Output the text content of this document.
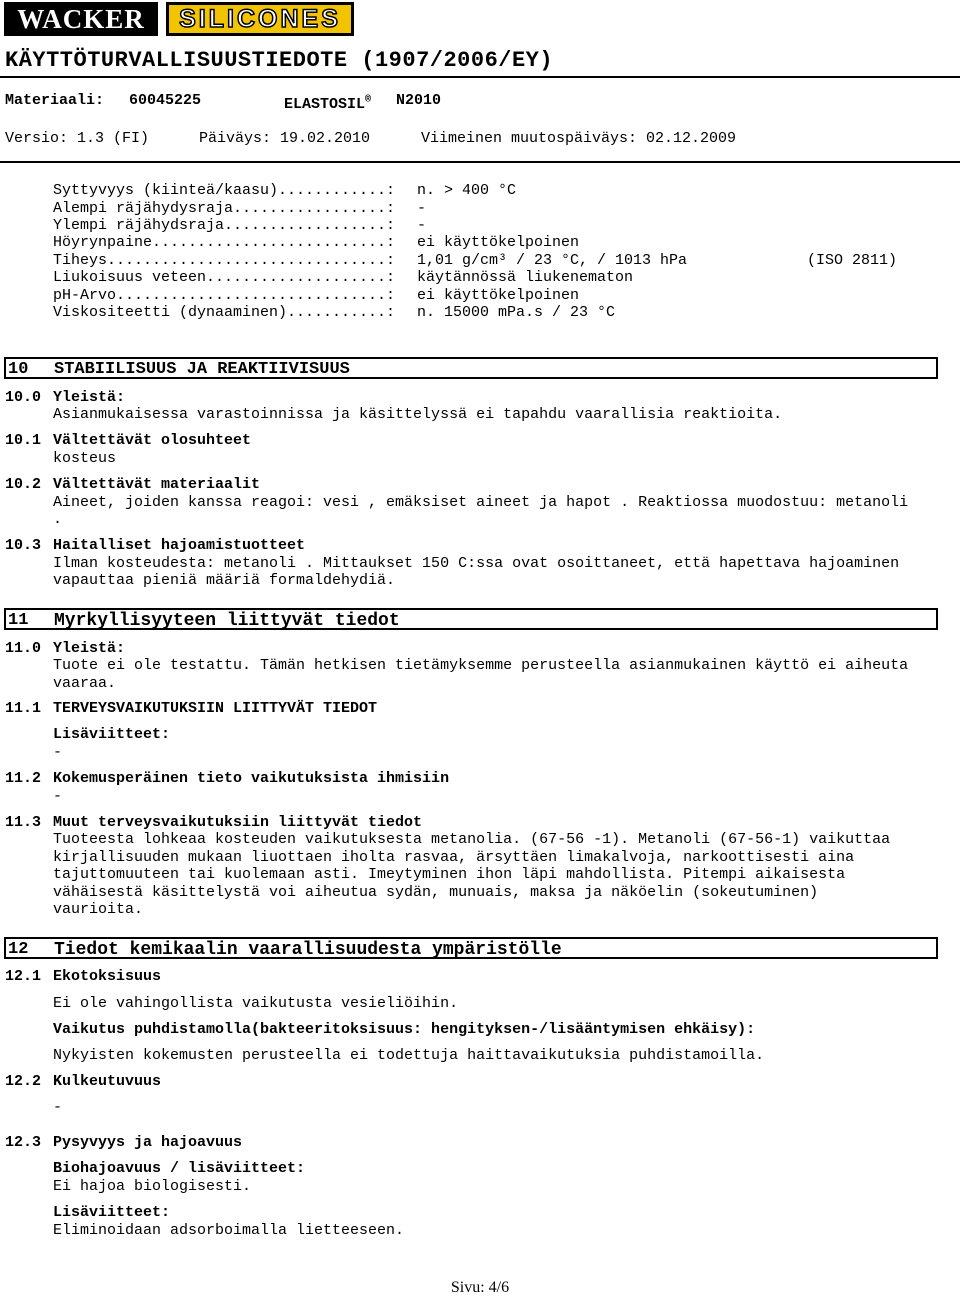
WACKER SILICONES
KÄYTTÖTURVALLISUUSTIEDOTE (1907/2006/EY)
Materiaali: 60045225	ELASTOSIL® N2010
Versio: 1.3 (FI)	Päiväys: 19.02.2010	Viimeinen muutospäiväys: 02.12.2009
Syttyvyys (kiinteä/kaasu)............: n. > 400 °C
Alempi räjähydysraja.................: -
Ylempi räjähydsraja..................: -
Höyrynpaine..........................: ei käyttökelpoinen
Tiheys...............................: 1,01 g/cm³ / 23 °C, / 1013 hPa	(ISO 2811)
Liukoisuus veteen....................: käytännössä liukenematon
pH-Arvo..............................: ei käyttökelpoinen
Viskositeetti (dynaaminen)...........: n. 15000 mPa.s / 23 °C
10 STABIILISUUS JA REAKTIIVISUUS
10.0 Yleistä:
Asianmukaisessa varastoinnissa ja käsittelyssä ei tapahdu vaarallisia reaktioita.
10.1 Vältettävät olosuhteet
kosteus
10.2 Vältettävät materiaalit
Aineet, joiden kanssa reagoi: vesi , emäksiset aineet ja hapot . Reaktiossa muodostuu: metanoli
.
10.3 Haitalliset hajoamistuotteet
Ilman kosteudesta: metanoli . Mittaukset 150 C:ssa ovat osoittaneet, että hapettava hajoaminen
vapauttaa pieniä määriä formaldehydiä.
11 Myrkyllisyyteen liittyvät tiedot
11.0 Yleistä:
Tuote ei ole testattu. Tämän hetkisen tietämyksemme perusteella asianmukainen käyttö ei aiheuta
vaaraa.
11.1 TERVEYSVAIKUTUKSIIN LIITTYVÄT TIEDOT
Lisäviitteet:
-
11.2 Kokemusperäinen tieto vaikutuksista ihmisiin
-
11.3 Muut terveysvaikutuksiin liittyvät tiedot
Tuoteesta lohkeaa kosteuden vaikutuksesta metanolia. (67-56 -1). Metanoli (67-56-1) vaikuttaa
kirjallisuuden mukaan liuottaen iholta rasvaa, ärsyttäen limakalvoja, narkoottisesti aina
tajuttomuuteen tai kuolemaan asti. Imeytyminen ihon läpi mahdollista. Pitempi aikaisesta
vähäisestä käsittelystä voi aiheutua sydän, munuais, maksa ja näköelin (sokeutuminen)
vaurioita.
12 Tiedot kemikaalin vaarallisuudesta ympäristölle
12.1 Ekotoksisuus
Ei ole vahingollista vaikutusta vesieliöihin.
Vaikutus puhdistamolla(bakteeritoksisuus: hengityksen-/lisääntymisen ehkäisy):
Nykyisten kokemusten perusteella ei todettuja haittavaikutuksia puhdistamoilla.
12.2 Kulkeutuvuus
-
12.3 Pysyvyys ja hajoavuus
Biohajoavuus / lisäviitteet:
Ei hajoa biologisesti.
Lisäviitteet:
Eliminoidaan adsorboimalla lietteeseen.
Sivu: 4/6
